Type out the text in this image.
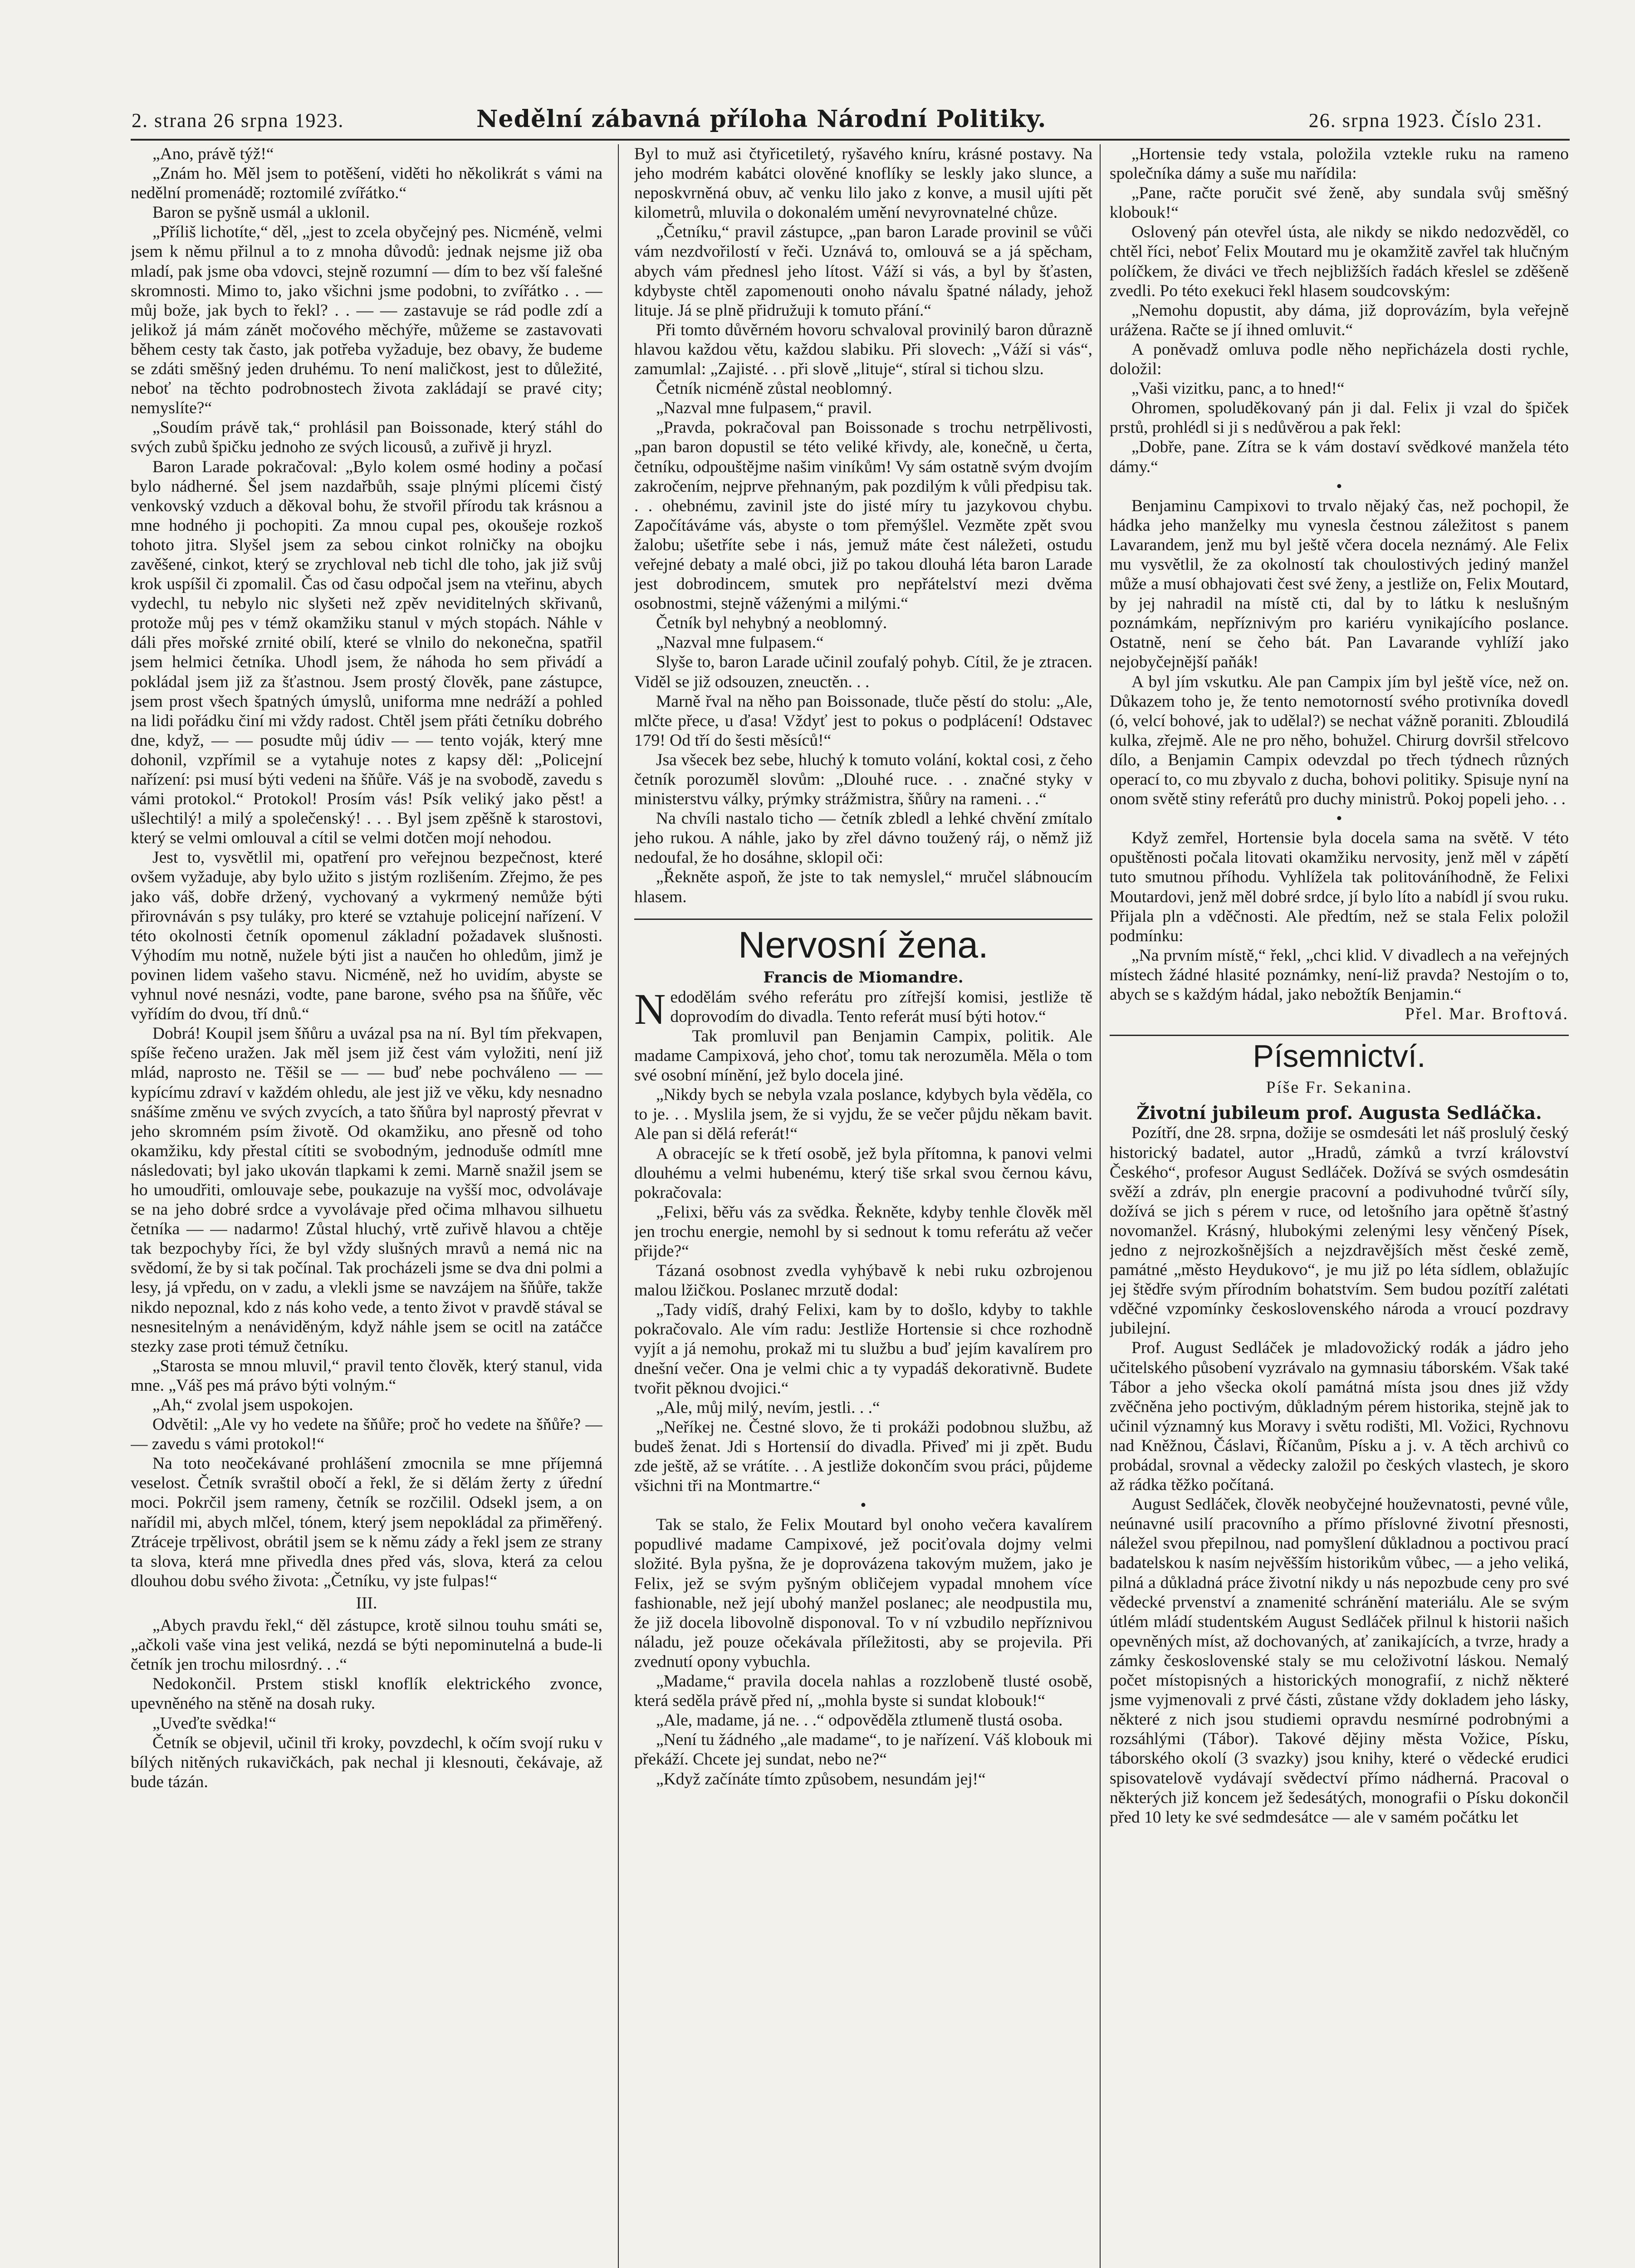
2. strana 26 srpna 1923.	Nedělní zábavná příloha Národní Politiky.	26. srpna 1923. Číslo 231.

„Ano, právě týž!“

„Znám ho. Měl jsem to potěšení, viděti ho několikrát s vámi na nedělní promenádě; roztomilé zvířátko.“

Baron se pyšně usmál a uklonil.

„Příliš lichotíte,“ děl, „jest to zcela obyčejný pes. Nicméně, velmi jsem k němu přilnul a to z mnoha důvodů: jednak nejsme již oba mladí, pak jsme oba vdovci, stejně rozumní — dím to bez vší falešné skromnosti. Mimo to, jako všichni jsme podobni, to zvířátko . . — můj bože, jak bych to řekl? . . — — zastavuje se rád podle zdí a jelikož já mám zánět močového měchýře, můžeme se zastavovati během cesty tak často, jak potřeba vyžaduje, bez obavy, že budeme se zdáti směšný jeden druhému. To není maličkost, jest to důležité, neboť na těchto podrobnostech života zakládají se pravé city; nemyslíte?“

„Soudím právě tak,“ prohlásil pan Boissonade, který stáhl do svých zubů špičku jednoho ze svých licousů, a zuřivě ji hryzl.

Baron Larade pokračoval: „Bylo kolem osmé hodiny a počasí bylo nádherné. Šel jsem nazdařbůh, ssaje plnými plícemi čistý venkovský vzduch a děkoval bohu, že stvořil přírodu tak krásnou a mne hodného ji pochopiti. Za mnou cupal pes, okoušeje rozkoš tohoto jitra. Slyšel jsem za sebou cinkot rolničky na obojku zavěšené, cinkot, který se zrychloval neb tichl dle toho, jak již svůj krok uspíšil či zpomalil. Čas od času odpočal jsem na vteřinu, abych vydechl, tu nebylo nic slyšeti než zpěv neviditelných skřivanů, protože můj pes v témž okamžiku stanul v mých stopách. Náhle v dáli přes mořské zrnité obilí, které se vlnilo do nekonečna, spatřil jsem helmici četníka. Uhodl jsem, že náhoda ho sem přivádí a pokládal jsem již za šťastnou. Jsem prostý člověk, pane zástupce, jsem prost všech špatných úmyslů, uniforma mne nedráží a pohled na lidi pořádku činí mi vždy radost. Chtěl jsem přáti četníku dobrého dne, když, — — posudte můj údiv — — tento voják, který mne dohonil, vzpřímil se a vytahuje notes z kapsy děl: „Policejní nařízení: psi musí býti vedeni na šňůře. Váš je na svobodě, zavedu s vámi protokol.“ Protokol! Prosím vás! Psík veliký jako pěst! a ušlechtilý! a milý a společenský! . . . Byl jsem zpěšně k starostovi, který se velmi omlouval a cítil se velmi dotčen mojí nehodou.

Jest to, vysvětlil mi, opatření pro veřejnou bezpečnost, které ovšem vyžaduje, aby bylo užito s jistým rozlišením. Zřejmo, že pes jako váš, dobře držený, vychovaný a vykrmený nemůže býti přirovnáván s psy tuláky, pro které se vztahuje policejní nařízení. V této okolnosti četník opomenul základní požadavek slušnosti. Výhodím mu notně, nužele býti jist a naučen ho ohledům, jimž je povinen lidem vašeho stavu. Nicméně, než ho uvidím, abyste se vyhnul nové nesnázi, vodte, pane barone, svého psa na šňůře, věc vyřídím do dvou, tří dnů.“

Dobrá! Koupil jsem šňůru a uvázal psa na ní. Byl tím překvapen, spíše řečeno uražen. Jak měl jsem již čest vám vyložiti, není již mlád, naprosto ne. Těšil se — — buď nebe pochváleno — — kypícímu zdraví v každém ohledu, ale jest již ve věku, kdy nesnadno snášíme změnu ve svých zvycích, a tato šňůra byl naprostý převrat v jeho skromném psím životě. Od okamžiku, ano přesně od toho okamžiku, kdy přestal cítiti se svobodným, jednoduše odmítl mne následovati; byl jako ukován tlapkami k zemi. Marně snažil jsem se ho umoudřiti, omlouvaje sebe, poukazuje na vyšší moc, odvolávaje se na jeho dobré srdce a vyvolávaje před očima mlhavou silhuetu četníka — — nadarmo! Zůstal hluchý, vrtě zuřivě hlavou a chtěje tak bezpochyby říci, že byl vždy slušných mravů a nemá nic na svědomí, že by si tak počínal. Tak procházeli jsme se dva dni polmi a lesy, já vpředu, on v zadu, a vlekli jsme se navzájem na šňůře, takže nikdo nepoznal, kdo z nás koho vede, a tento život v pravdě stával se nesnesitelným a nenáviděným, když náhle jsem se ocitl na zatáčce stezky zase proti témuž četníku.

„Starosta se mnou mluvil,“ pravil tento člověk, který stanul, vida mne. „Váš pes má právo býti volným.“

„Ah,“ zvolal jsem uspokojen.

Odvětil: „Ale vy ho vedete na šňůře; proč ho vedete na šňůře? — — zavedu s vámi protokol!“

Na toto neočekávané prohlášení zmocnila se mne příjemná veselost. Četník svraštil obočí a řekl, že si dělám žerty z úřední moci. Pokrčil jsem rameny, četník se rozčilil. Odsekl jsem, a on nařídil mi, abych mlčel, tónem, který jsem nepokládal za přiměřený. Ztráceje trpělivost, obrátil jsem se k němu zády a řekl jsem ze strany ta slova, která mne přivedla dnes před vás, slova, která za celou dlouhou dobu svého života: „Četníku, vy jste fulpas!“

III.

„Abych pravdu řekl,“ děl zástupce, krotě silnou touhu smáti se, „ačkoli vaše vina jest veliká, nezdá se býti nepominutelná a bude-li četník jen trochu milosrdný. . .“

Nedokončil. Prstem stiskl knoflík elektrického zvonce, upevněného na stěně na dosah ruky.

„Uveďte svědka!“

Četník se objevil, učinil tři kroky, povzdechl, k očím svojí ruku v bílých nitěných rukavičkách, pak nechal ji klesnouti, čekávaje, až bude tázán.

Byl to muž asi čtyřicetiletý, ryšavého kníru, krásné postavy. Na jeho modrém kabátci olověné knoflíky se leskly jako slunce, a neposkvrněná obuv, ač venku lilo jako z konve, a musil ujíti pět kilometrů, mluvila o dokonalém umění nevyrovnatelné chůze.

„Četníku,“ pravil zástupce, „pan baron Larade provinil se vůči vám nezdvořilostí v řeči. Uznává to, omlouvá se a já spěcham, abych vám přednesl jeho lítost. Váží si vás, a byl by šťasten, kdybyste chtěl zapomenouti onoho návalu špatné nálady, jehož lituje. Já se plně přidružuji k tomuto přání.“

Při tomto důvěrném hovoru schvaloval provinilý baron důrazně hlavou každou větu, každou slabiku. Při slovech: „Váží si vás“, zamumlal: „Zajisté. . . při slově „lituje“, stíral si tichou slzu.

Četník nicméně zůstal neoblomný.

„Nazval mne fulpasem,“ pravil.

„Pravda, pokračoval pan Boissonade s trochu netrpělivosti, „pan baron dopustil se této veliké křivdy, ale, konečně, u čerta, četníku, odpouštějme našim viníkům! Vy sám ostatně svým dvojím zakročením, nejprve přehnaným, pak pozdilým k vůli předpisu tak. . . ohebnému, zavinil jste do jisté míry tu jazykovou chybu. Započítáváme vás, abyste o tom přemýšlel. Vezměte zpět svou žalobu; ušetříte sebe i nás, jemuž máte čest náležeti, ostudu veřejné debaty a malé obci, již po takou dlouhá léta baron Larade jest dobrodincem, smutek pro nepřátelství mezi dvěma osobnostmi, stejně váženými a milými.“

Četník byl nehybný a neoblomný.

„Nazval mne fulpasem.“

Slyše to, baron Larade učinil zoufalý pohyb. Cítil, že je ztracen. Viděl se již odsouzen, zneuctěn. . .

Marně řval na něho pan Boissonade, tluče pěstí do stolu: „Ale, mlčte přece, u ďasa! Vždyť jest to pokus o podplácení! Odstavec 179! Od tří do šesti měsíců!“

Jsa všecek bez sebe, hluchý k tomuto volání, koktal cosi, z čeho četník porozuměl slovům: „Dlouhé ruce. . . značné styky v ministerstvu války, prýmky strážmistra, šňůry na rameni. . .“

Na chvíli nastalo ticho — četník zbledl a lehké chvění zmítalo jeho rukou. A náhle, jako by zřel dávno toužený ráj, o němž již nedoufal, že ho dosáhne, sklopil oči:

„Řekněte aspoň, že jste to tak nemyslel,“ mručel slábnoucím hlasem.

Nervosní žena.

Francis de Miomandre.

Nedodělám svého referátu pro zítřejší komisi, jestliže tě doprovodím do divadla. Tento referát musí býti hotov.“

Tak promluvil pan Benjamin Campix, politik. Ale madame Campixová, jeho choť, tomu tak nerozuměla. Měla o tom své osobní mínění, jež bylo docela jiné.

„Nikdy bych se nebyla vzala poslance, kdybych byla věděla, co to je. . . Myslila jsem, že si vyjdu, že se večer půjdu někam bavit. Ale pan si dělá referát!“

A obracejíc se k třetí osobě, jež byla přítomna, k panovi velmi dlouhému a velmi hubenému, který tiše srkal svou černou kávu, pokračovala:

„Felixi, běřu vás za svědka. Řekněte, kdyby tenhle člověk měl jen trochu energie, nemohl by si sednout k tomu referátu až večer přijde?“

Tázaná osobnost zvedla vyhýbavě k nebi ruku ozbrojenou malou lžičkou. Poslanec mrzutě dodal:

„Tady vidíš, drahý Felixi, kam by to došlo, kdyby to takhle pokračovalo. Ale vím radu: Jestliže Hortensie si chce rozhodně vyjít a já nemohu, prokaž mi tu službu a buď jejím kavalírem pro dnešní večer. Ona je velmi chic a ty vypadáš dekorativně. Budete tvořit pěknou dvojici.“

„Ale, můj milý, nevím, jestli. . .“

„Neříkej ne. Čestné slovo, že ti prokáži podobnou službu, až budeš ženat. Jdi s Hortensií do divadla. Přiveď mi ji zpět. Budu zde ještě, až se vrátíte. . . A jestliže dokončím svou práci, půjdeme všichni tři na Montmartre.“

•

Tak se stalo, že Felix Moutard byl onoho večera kavalírem popudlivé madame Campixové, jež pociťovala dojmy velmi složité. Byla pyšna, že je doprovázena takovým mužem, jako je Felix, jež se svým pyšným obličejem vypadal mnohem více fashionable, než její ubohý manžel poslanec; ale neodpustila mu, že již docela libovolně disponoval. To v ní vzbudilo nepříznivou náladu, jež pouze očekávala příležitosti, aby se projevila. Při zvednutí opony vybuchla.

„Madame,“ pravila docela nahlas a rozzlobeně tlusté osobě, která seděla právě před ní, „mohla byste si sundat klobouk!“

„Ale, madame, já ne. . .“ odpověděla ztlumeně tlustá osoba.

„Není tu žádného „ale madame“, to je nařízení. Váš klobouk mi překáží. Chcete jej sundat, nebo ne?“

„Když začínáte tímto způsobem, nesundám jej!“

„Hortensie tedy vstala, položila vztekle ruku na rameno společníka dámy a suše mu nařídila:

„Pane, račte poručit své ženě, aby sundala svůj směšný klobouk!“

Oslovený pán otevřel ústa, ale nikdy se nikdo nedozvěděl, co chtěl říci, neboť Felix Moutard mu je okamžitě zavřel tak hlučným políčkem, že diváci ve třech nejbližších řadách křeslel se zděšeně zvedli. Po této exekuci řekl hlasem soudcovským:

„Nemohu dopustit, aby dáma, již doprovázím, byla veřejně urážena. Račte se jí ihned omluvit.“

A poněvadž omluva podle něho nepřicházela dosti rychle, doložil:

„Vaši vizitku, panc, a to hned!“

Ohromen, spoluděkovaný pán ji dal. Felix ji vzal do špiček prstů, prohlédl si ji s nedůvěrou a pak řekl:

„Dobře, pane. Zítra se k vám dostaví svědkové manžela této dámy.“

•

Benjaminu Campixovi to trvalo nějaký čas, než pochopil, že hádka jeho manželky mu vynesla čestnou záležitost s panem Lavarandem, jenž mu byl ještě včera docela neznámý. Ale Felix mu vysvětlil, že za okolností tak choulostivých jediný manžel může a musí obhajovati čest své ženy, a jestliže on, Felix Moutard, by jej nahradil na místě cti, dal by to látku k neslušným poznámkám, nepříznivým pro kariéru vynikajícího poslance. Ostatně, není se čeho bát. Pan Lavarande vyhlíží jako nejobyčejnější paňák!

A byl jím vskutku. Ale pan Campix jím byl ještě více, než on. Důkazem toho je, že tento nemotorností svého protivníka dovedl (ó, velcí bohové, jak to udělal?) se nechat vážně poraniti. Zbloudilá kulka, zřejmě. Ale ne pro něho, bohužel. Chirurg dovršil střelcovo dílo, a Benjamin Campix odevzdal po třech týdnech různých operací to, co mu zbyvalo z ducha, bohovi politiky. Spisuje nyní na onom světě stiny referátů pro duchy ministrů. Pokoj popeli jeho. . .

•

Když zemřel, Hortensie byla docela sama na světě. V této opuštěnosti počala litovati okamžiku nervosity, jenž měl v zápětí tuto smutnou příhodu. Vyhlížela tak politováníhodně, že Felixi Moutardovi, jenž měl dobré srdce, jí bylo líto a nabídl jí svou ruku. Přijala pln a vděčnosti. Ale předtím, než se stala Felix položil podmínku:

„Na prvním místě,“ řekl, „chci klid. V divadlech a na veřejných místech žádné hlasité poznámky, není-liž pravda? Nestojím o to, abych se s každým hádal, jako nebožtík Benjamin.“

Přel. Mar. Broftová.

Písemnictví.

Píše Fr. Sekanina.

Životní jubileum prof. Augusta Sedláčka.

Pozítří, dne 28. srpna, dožije se osmdesáti let náš proslulý český historický badatel, autor „Hradů, zámků a tvrzí království Českého“, profesor August Sedláček. Dožívá se svých osmdesátin svěží a zdráv, pln energie pracovní a podivuhodné tvůrčí síly, dožívá se jich s pérem v ruce, od letošního jara opětně šťastný novomanžel. Krásný, hlubokými zelenými lesy věnčený Písek, jedno z nejrozkošnějších a nejzdravějších měst české země, památné „město Heydukovo“, je mu již po léta sídlem, oblažujíc jej štědře svým přírodním bohatstvím. Sem budou pozítří zalétati vděčné vzpomínky československého národa a vroucí pozdravy jubilejní.

Prof. August Sedláček je mladovožický rodák a jádro jeho učitelského působení vyzrávalo na gymnasiu táborském. Však také Tábor a jeho všecka okolí památná místa jsou dnes již vždy zvěčněna jeho poctivým, důkladným pérem historika, stejně jak to učinil významný kus Moravy i světu rodišti, Ml. Vožici, Rychnovu nad Kněžnou, Čáslavi, Říčanům, Písku a j. v. A těch archivů co probádal, srovnal a vědecky založil po českých vlastech, je skoro až rádka těžko počítaná.

August Sedláček, člověk neobyčejné houževnatosti, pevné vůle, neúnavné usilí pracovního a přímo příslovné životní přesnosti, náležel svou přepilnou, nad pomyšlení důkladnou a poctivou prací badatelskou k nasím nejvěšším historikům vůbec, — a jeho veliká, pilná a důkladná práce životní nikdy u nás nepozbude ceny pro své vědecké prvenství a znamenité schránění materiálu. Ale se svým útlém mládí studentském August Sedláček přilnul k historii našich opevněných míst, až dochovaných, ať zanikajících, a tvrze, hrady a zámky československé staly se mu celoživotní láskou. Nemalý počet místopisných a historických monografií, z nichž některé jsme vyjmenovali z prvé části, zůstane vždy dokladem jeho lásky, některé z nich jsou studiemi opravdu nesmírné podrobnými a rozsáhlými (Tábor). Takové dějiny města Vožice, Písku, táborského okolí (3 svazky) jsou knihy, které o vědecké erudici spisovatelově vydávají svědectví přímo nádherná. Pracoval o některých již koncem jež šedesátých, monografii o Písku dokončil před 10 lety ke své sedmdesátce — ale v samém počátku let
